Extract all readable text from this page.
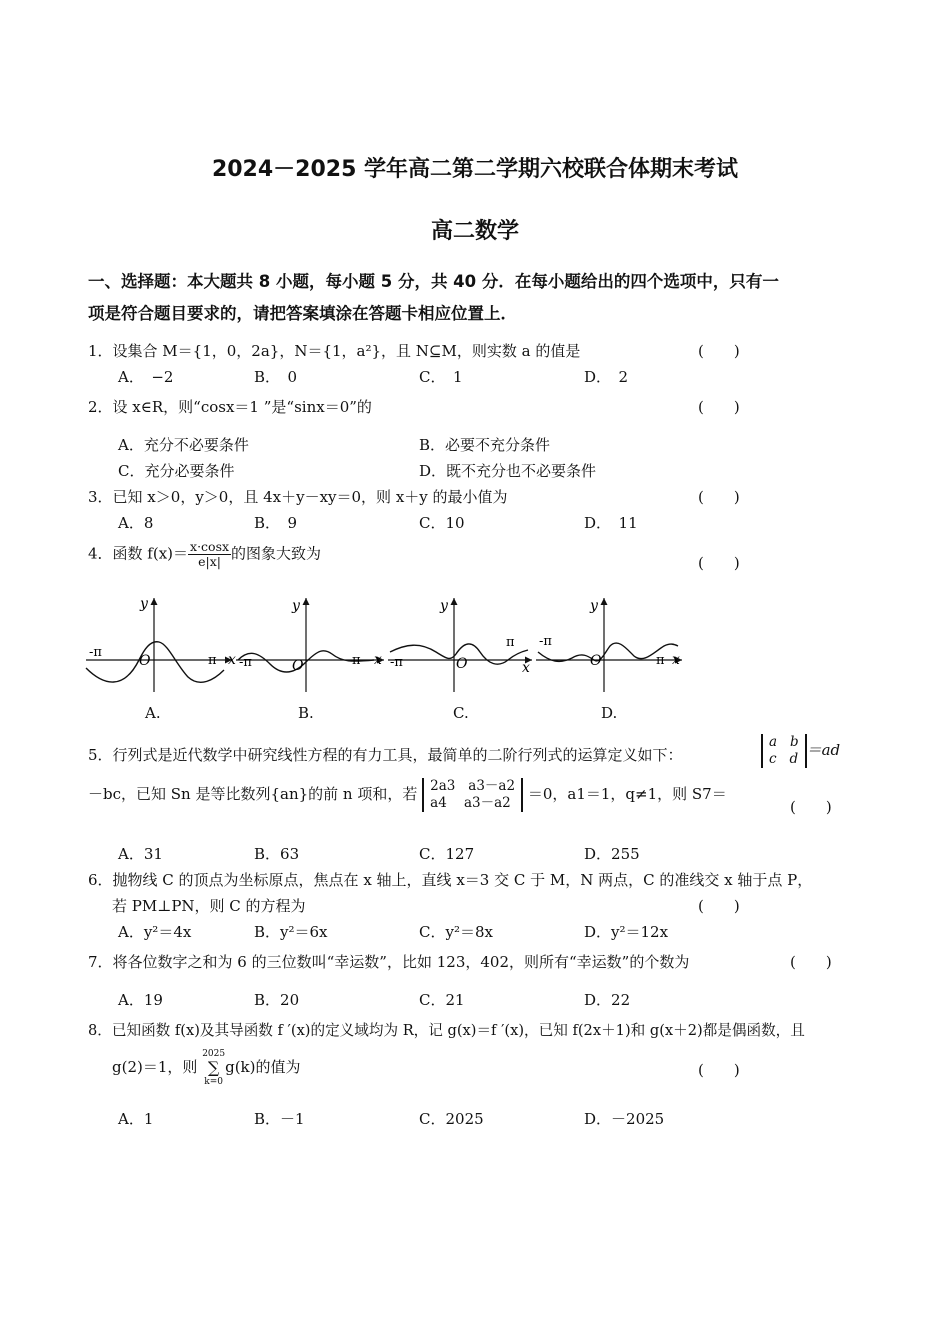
2024－2025 学年高二第二学期六校联合体期末考试
高二数学
一、选择题：本大题共 8 小题，每小题 5 分，共 40 分．在每小题给出的四个选项中，只有一
项是符合题目要求的，请把答案填涂在答题卡相应位置上．
1．设集合 M＝{1，0，2a}，N＝{1，a²}，且 N⊆M，则实数 a 的值是	(　　)
A．　−2	B．　0	C．　1	D．　2
2．设 x∈R，则“cosx＝1 ”是“sinx＝0”的	(　　)
A．充分不必要条件	B．必要不充分条件
C．充分必要条件	D．既不充分也不必要条件
3．已知 x＞0，y＞0，且 4x＋y－xy＝0，则 x＋y 的最小值为	(　　)
A．8	B．　9	C．10	D．　11
4．函数 $f(x)= \frac{x\cdot\cos x}{e|x|}$ 的图象大致为
(　　)
y
x
O
-π
π
y
x
O
-π	π
y
x
O
-π
π
y
x
O
-π
π
A.	B.	C.	D.
5．行列式是近代数学中研究线性方程的有力工具，最简单的二阶行列式的运算定义如下：
a b
c d ＝ad
－bc，已知 Sn 是等比数列{an}的前 n 项和，若 2a3 a3－a2
a4 a3－a2 ＝0，a1＝1，q≠1，则 S7＝
(　　)
A．31	B．63	C．127	D．255
6．抛物线 C 的顶点为坐标原点，焦点在 x 轴上，直线 x＝3 交 C 于 M，N 两点，C 的准线交 x 轴于点 P，
若 PM⊥PN，则 C 的方程为	(　　)
A．y²＝4x	B．y²＝6x	C．y²＝8x	D．y²＝12x
7．将各位数字之和为 6 的三位数叫“幸运数”，比如 123，402，则所有“幸运数”的个数为	(　　)
A．19	B．20	C．21	D．22
8．已知函数 f(x)及其导函数 f ′(x)的定义域均为 R，记 g(x)＝f ′(x)，已知 f(2x＋1)和 g(x＋2)都是偶函数，且
g(2)＝1，则
2025
∑
k=0
g(k)的值为	(　　)
A．1	B．－1	C．2025	D．－2025
